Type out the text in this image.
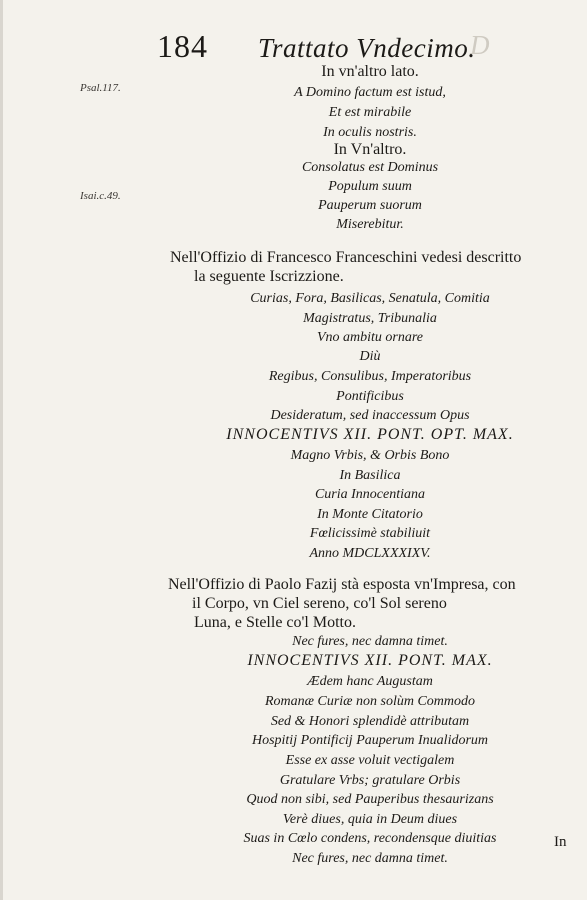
184 Trattato Vndecimo.
D
Psal.117.
Isai.c.49.
In vn'altro lato.
A Domino factum est istud,
Et est mirabile
In oculis nostris.
In Vn'altro.
Consolatus est Dominus
Populum suum
Pauperum suorum
Miserebitur.
Nell'Offizio di Francesco Franceschini vedesi descritto
la seguente Iscrizzione.
Curias, Fora, Basilicas, Senatula, Comitia
Magistratus, Tribunalia
Vno ambitu ornare
Diù
Regibus, Consulibus, Imperatoribus
Pontificibus
Desideratum, sed inaccessum Opus
INNOCENTIVS XII. PONT. OPT. MAX.
Magno Vrbis, & Orbis Bono
In Basilica
Curia Innocentiana
In Monte Citatorio
Fœlicissimè stabiliuit
Anno MDCLXXXIXV.
Nell'Offizio di Paolo Fazij stà esposta vn'Impresa, con
il Corpo, vn Ciel sereno, co'l Sol sereno
Luna, e Stelle co'l Motto.
Nec fures, nec damna timet.
INNOCENTIVS XII. PONT. MAX.
Ædem hanc Augustam
Romanæ Curiæ non solùm Commodo
Sed & Honori splendidè attributam
Hospitij Pontificij Pauperum Inualidorum
Esse ex asse voluit vectigalem
Gratulare Vrbs; gratulare Orbis
Quod non sibi, sed Pauperibus thesaurizans
Verè diues, quia in Deum diues
Suas in Cœlo condens, recondensque diuitias
Nec fures, nec damna timet.
In
